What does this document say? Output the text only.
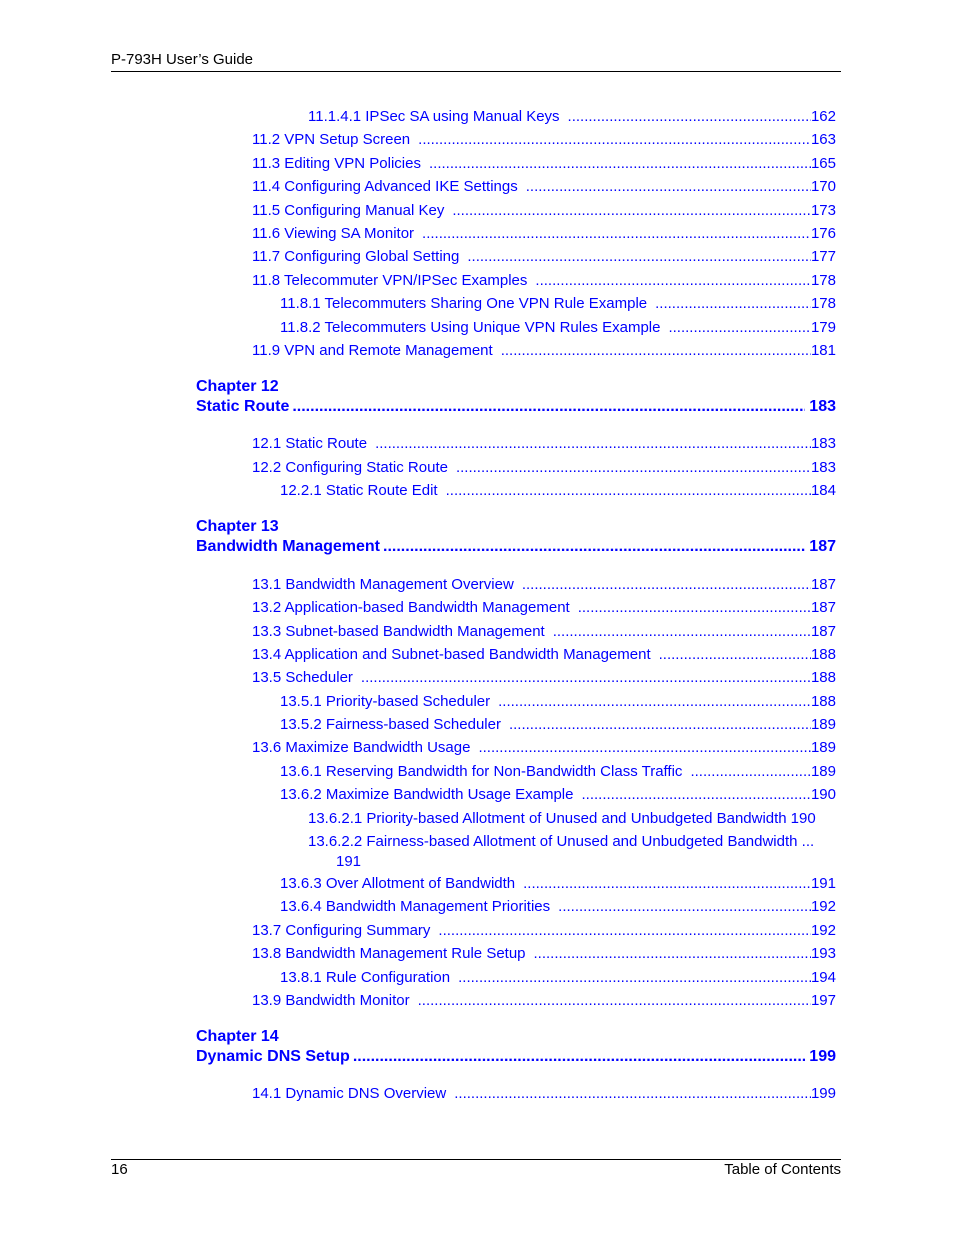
P-793H User’s Guide
11.1.4.1 IPSec SA using Manual Keys .....	162
11.2 VPN Setup Screen .....	163
11.3 Editing VPN Policies .....	165
11.4 Configuring Advanced IKE Settings .....	170
11.5 Configuring Manual Key .....	173
11.6 Viewing SA Monitor .....	176
11.7 Configuring Global Setting .....	177
11.8 Telecommuter VPN/IPSec Examples .....	178
11.8.1 Telecommuters Sharing One VPN Rule Example .....	178
11.8.2 Telecommuters Using Unique VPN Rules Example .....	179
11.9 VPN and Remote Management .....	181
Chapter 12
Static Route .....	183
12.1 Static Route .....	183
12.2 Configuring Static Route .....	183
12.2.1 Static Route Edit .....	184
Chapter 13
Bandwidth Management .....	187
13.1 Bandwidth Management Overview .....	187
13.2 Application-based Bandwidth Management .....	187
13.3 Subnet-based Bandwidth Management .....	187
13.4 Application and Subnet-based Bandwidth Management .....	188
13.5 Scheduler .....	188
13.5.1 Priority-based Scheduler .....	188
13.5.2 Fairness-based Scheduler .....	189
13.6 Maximize Bandwidth Usage .....	189
13.6.1 Reserving Bandwidth for Non-Bandwidth Class Traffic .....	189
13.6.2 Maximize Bandwidth Usage Example .....	190
13.6.2.1 Priority-based Allotment of Unused and Unbudgeted Bandwidth 190
13.6.2.2 Fairness-based Allotment of Unused and Unbudgeted Bandwidth ...
191
13.6.3 Over Allotment of Bandwidth .....	191
13.6.4 Bandwidth Management Priorities .....	192
13.7 Configuring Summary .....	192
13.8 Bandwidth Management Rule Setup .....	193
13.8.1 Rule Configuration .....	194
13.9 Bandwidth Monitor .....	197
Chapter 14
Dynamic DNS Setup .....	199
14.1 Dynamic DNS Overview .....	199
16	Table of Contents
